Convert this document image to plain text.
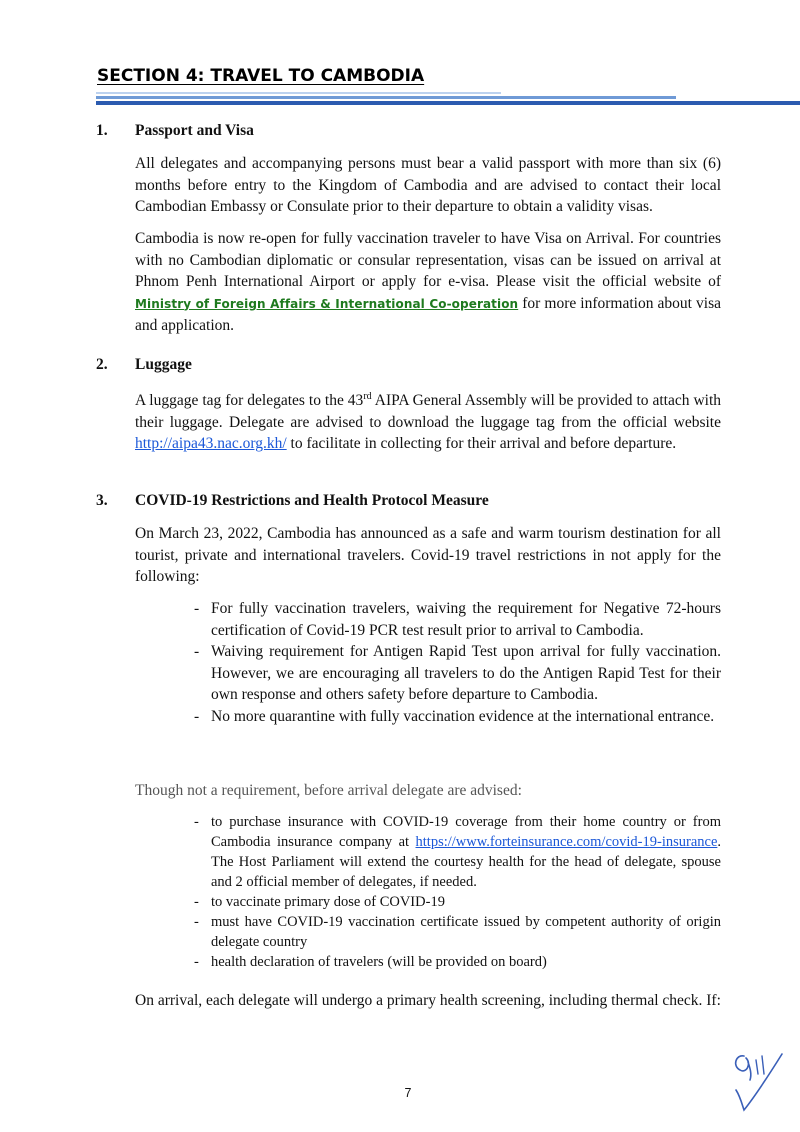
SECTION 4: TRAVEL TO CAMBODIA
1. Passport and Visa

All delegates and accompanying persons must bear a valid passport with more than six (6) months before entry to the Kingdom of Cambodia and are advised to contact their local Cambodian Embassy or Consulate prior to their departure to obtain a validity visas.

Cambodia is now re-open for fully vaccination traveler to have Visa on Arrival. For countries with no Cambodian diplomatic or consular representation, visas can be issued on arrival at Phnom Penh International Airport or apply for e-visa. Please visit the official website of Ministry of Foreign Affairs & International Co-operation for more information about visa and application.

2. Luggage

A luggage tag for delegates to the 43rd AIPA General Assembly will be provided to attach with their luggage. Delegate are advised to download the luggage tag from the official website http://aipa43.nac.org.kh/ to facilitate in collecting for their arrival and before departure.

3. COVID-19 Restrictions and Health Protocol Measure

On March 23, 2022, Cambodia has announced as a safe and warm tourism destination for all tourist, private and international travelers. Covid-19 travel restrictions in not apply for the following:

- For fully vaccination travelers, waiving the requirement for Negative 72-hours certification of Covid-19 PCR test result prior to arrival to Cambodia.
- Waiving requirement for Antigen Rapid Test upon arrival for fully vaccination. However, we are encouraging all travelers to do the Antigen Rapid Test for their own response and others safety before departure to Cambodia.
- No more quarantine with fully vaccination evidence at the international entrance.

Though not a requirement, before arrival delegate are advised:

- to purchase insurance with COVID-19 coverage from their home country or from Cambodia insurance company at https://www.forteinsurance.com/covid-19-insurance. The Host Parliament will extend the courtesy health for the head of delegate, spouse and 2 official member of delegates, if needed.
- to vaccinate primary dose of COVID-19
- must have COVID-19 vaccination certificate issued by competent authority of origin delegate country
- health declaration of travelers (will be provided on board)

On arrival, each delegate will undergo a primary health screening, including thermal check. If:

7
